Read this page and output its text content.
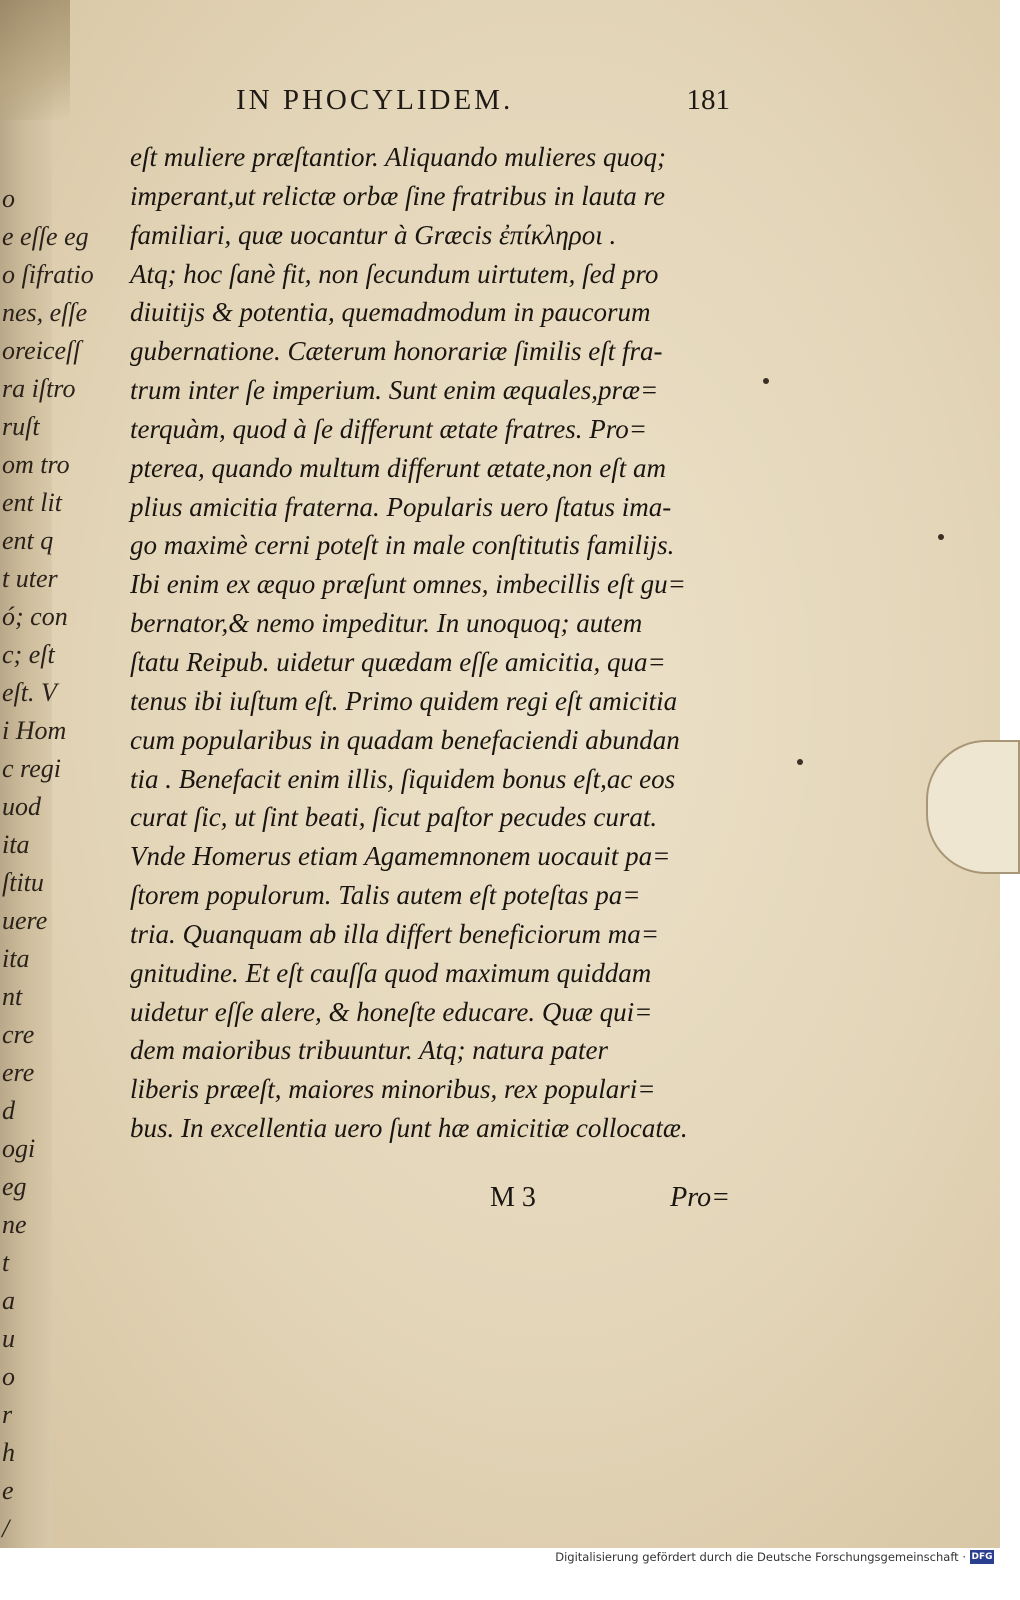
o
e eſſe eg
o ſifratio
nes, eſſe
oreiceſſ
ra iſtro
ruſt
om tro
ent lit
ent q
t uter
ó; con
c; eſt
eſt. V
i Hom
c regi
uod
ita
ſtitu
uere
ita
nt
cre
ere
d
ogi
eg
ne
t
a
u
o
r
h
e
/
IN PHOCYLIDEM.	181
eſt muliere præſtantior. Aliquando mulieres quoq;
imperant,ut relictæ orbæ ſine fratribus in lauta re
familiari, quæ uocantur à Græcis ἐπίκληροι .
Atq; hoc ſanè fit, non ſecundum uirtutem, ſed pro
diuitijs & potentia, quemadmodum in paucorum
gubernatione. Cæterum honorariæ ſimilis eſt fra-
trum inter ſe imperium. Sunt enim æquales,præ=
terquàm, quod à ſe differunt ætate fratres. Pro=
pterea, quando multum differunt ætate,non eſt am
plius amicitia fraterna. Popularis uero ſtatus ima-
go maximè cerni poteſt in male conſtitutis familijs.
Ibi enim ex æquo præſunt omnes, imbecillis eſt gu=
bernator,& nemo impeditur. In unoquoq; autem
ſtatu Reipub. uidetur quædam eſſe amicitia, qua=
tenus ibi iuſtum eſt. Primo quidem regi eſt amicitia
cum popularibus in quadam benefaciendi abundan
tia . Benefacit enim illis, ſiquidem bonus eſt,ac eos
curat ſic, ut ſint beati, ſicut paſtor pecudes curat.
Vnde Homerus etiam Agamemnonem uocauit pa=
ſtorem populorum. Talis autem eſt poteſtas pa=
tria. Quanquam ab illa differt beneficiorum ma=
gnitudine. Et eſt cauſſa quod maximum quiddam
uidetur eſſe alere, & honeſte educare. Quæ qui=
dem maioribus tribuuntur. Atq; natura pater
liberis præeſt, maiores minoribus, rex populari=
bus. In excellentia uero ſunt hæ amicitiæ collocatæ.
M 3	Pro=
Digitalisierung gefördert durch die Deutsche Forschungsgemeinschaft · DFG
